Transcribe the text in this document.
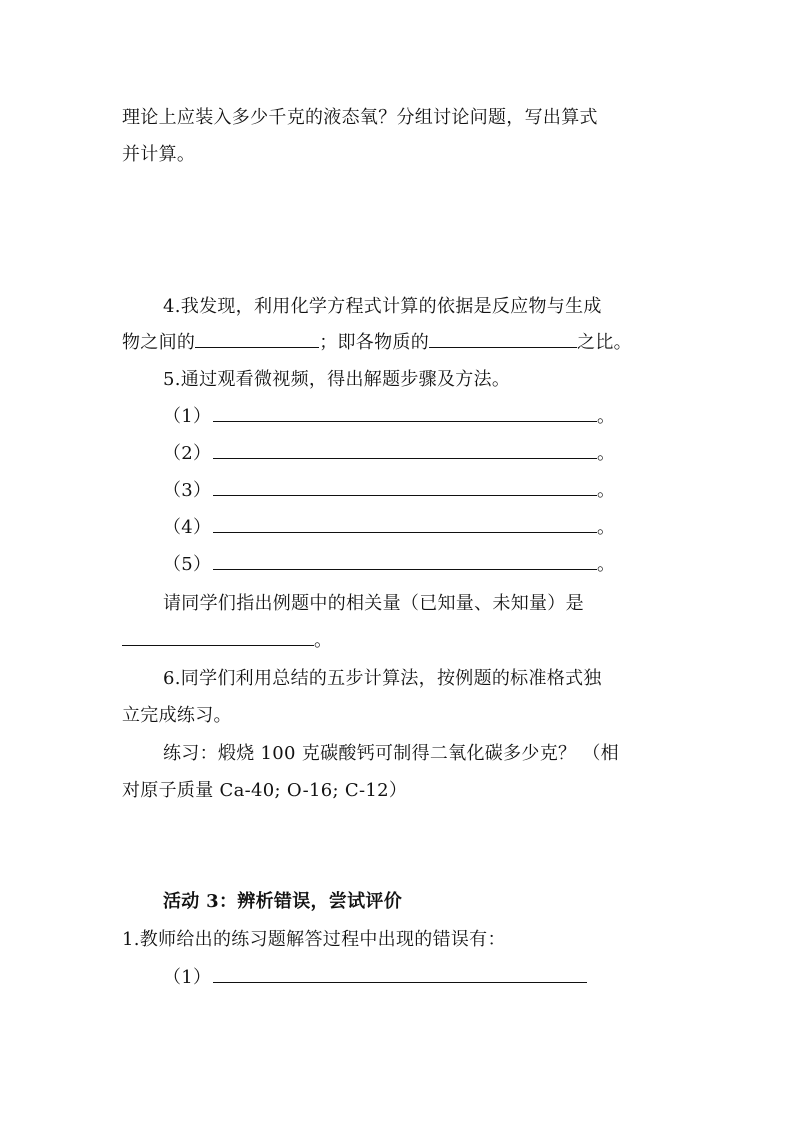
理论上应装入多少千克的液态氧？分组讨论问题，写出算式
并计算。
4.我发现，利用化学方程式计算的依据是反应物与生成
物之间的	；即各物质的	之比。
5.通过观看微视频，得出解题步骤及方法。
（1）	。
（2）	。
（3）	。
（4）	。
（5）	。
请同学们指出例题中的相关量（已知量、未知量）是
。
6.同学们利用总结的五步计算法，按例题的标准格式独
立完成练习。
练习：煅烧 100 克碳酸钙可制得二氧化碳多少克？ （相
对原子质量 Ca-40; O-16; C-12）
活动 3：辨析错误，尝试评价
1.教师给出的练习题解答过程中出现的错误有：
（1）
